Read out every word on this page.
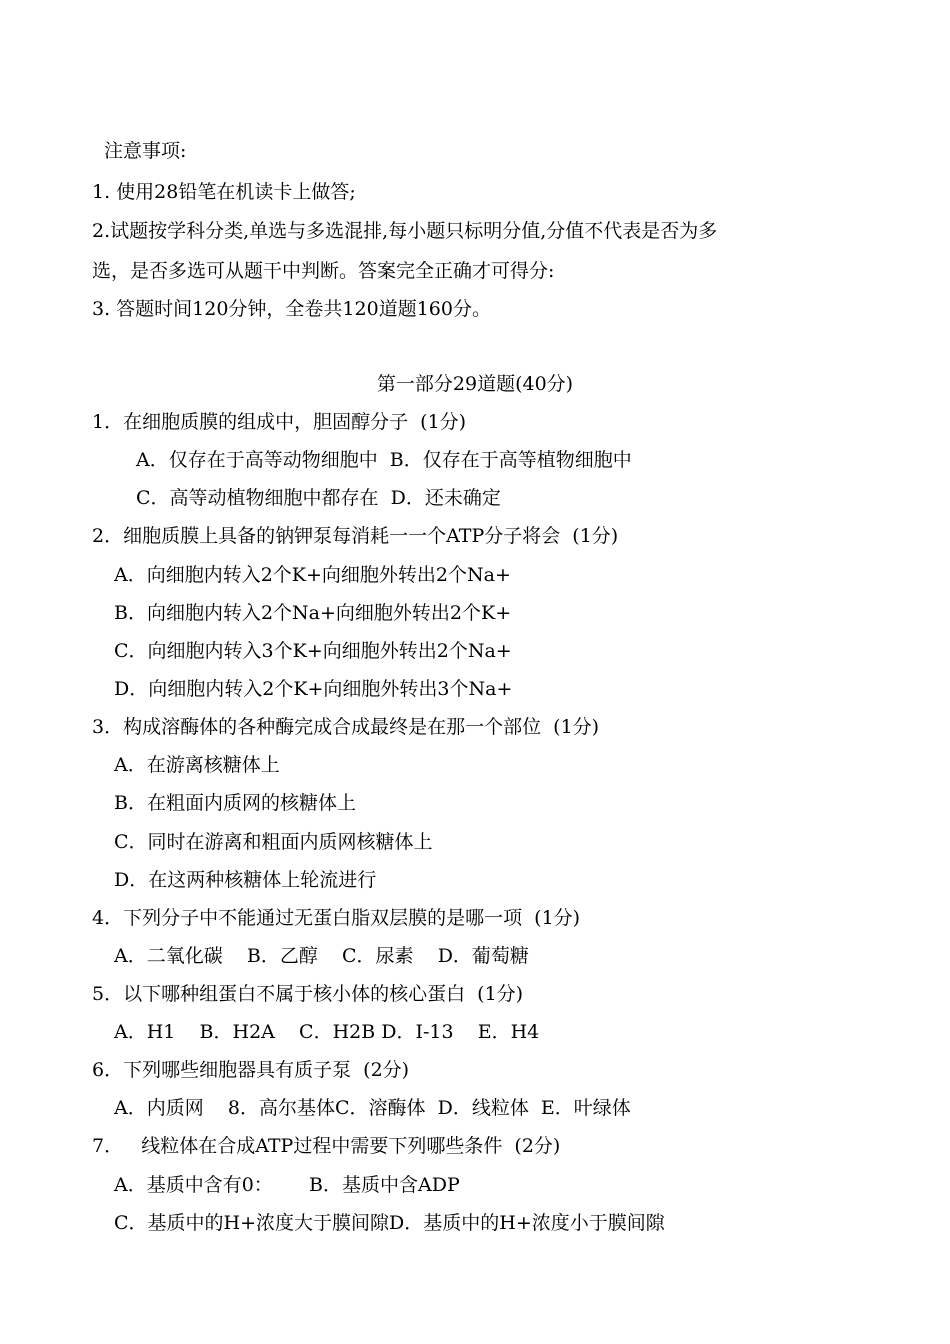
注意事项:
1. 使用28铅笔在机读卡上做答;
2.试题按学科分类,单选与多选混排,每小题只标明分值,分值不代表是否为多
选，是否多选可从题干中判断。答案完全正确才可得分:
3. 答题时间120分钟，全卷共120道题160分。
第一部分29道题(40分)
1．在细胞质膜的组成中，胆固醇分子  (1分)
A．仅存在于高等动物细胞中  B．仅存在于高等植物细胞中
C．高等动植物细胞中都存在  D．还未确定
2．细胞质膜上具备的钠钾泵每消耗一一个ATP分子将会  (1分)
A．向细胞内转入2个K+向细胞外转出2个Na+
B．向细胞内转入2个Na+向细胞外转出2个K+
C．向细胞内转入3个K+向细胞外转出2个Na+
D．向细胞内转入2个K+向细胞外转出3个Na+
3．构成溶酶体的各种酶完成合成最终是在那一个部位  (1分)
A．在游离核糖体上
B．在粗面内质网的核糖体上
C．同时在游离和粗面内质网核糖体上
D．在这两种核糖体上轮流进行
4．下列分子中不能通过无蛋白脂双层膜的是哪一项  (1分)
A．二氧化碳    B．乙醇    C．尿素    D．葡萄糖
5．以下哪种组蛋白不属于核小体的核心蛋白  (1分)
A．H1    B．H2A    C．H2B D．I-13    E．H4
6．下列哪些细胞器具有质子泵  (2分)
A．内质网    8．高尔基体C．溶酶体  D．线粒体  E．叶绿体
7．   线粒体在合成ATP过程中需要下列哪些条件  (2分)
A．基质中含有0：      B．基质中含ADP
C．基质中的H+浓度大于膜间隙D．基质中的H+浓度小于膜间隙
